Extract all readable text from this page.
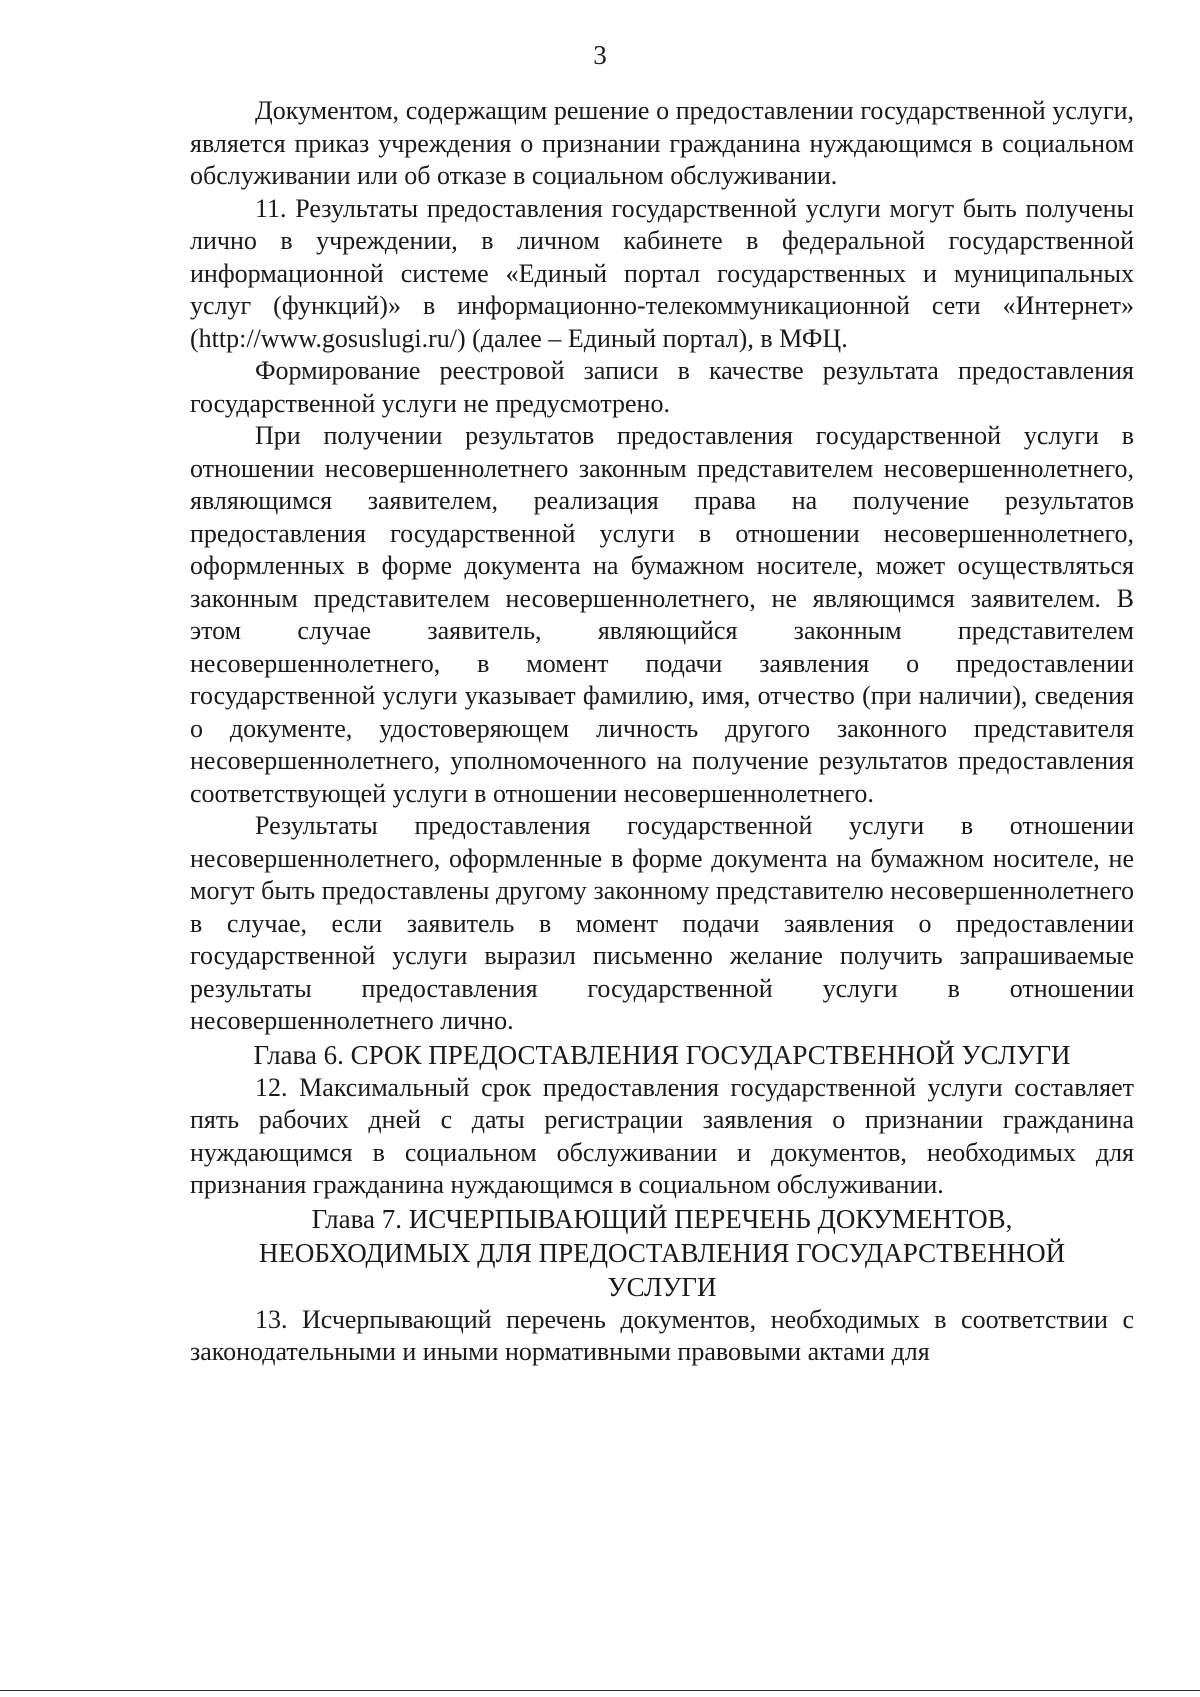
3

Документом, содержащим решение о предоставлении государственной услуги, является приказ учреждения о признании гражданина нуждающимся в социальном обслуживании или об отказе в социальном обслуживании.

11. Результаты предоставления государственной услуги могут быть получены лично в учреждении, в личном кабинете в федеральной государственной информационной системе «Единый портал государственных и муниципальных услуг (функций)» в информационно-телекоммуникационной сети «Интернет» (http://www.gosuslugi.ru/) (далее – Единый портал), в МФЦ.

Формирование реестровой записи в качестве результата предоставления государственной услуги не предусмотрено.

При получении результатов предоставления государственной услуги в отношении несовершеннолетнего законным представителем несовершеннолетнего, являющимся заявителем, реализация права на получение результатов предоставления государственной услуги в отношении несовершеннолетнего, оформленных в форме документа на бумажном носителе, может осуществляться законным представителем несовершеннолетнего, не являющимся заявителем. В этом случае заявитель, являющийся законным представителем несовершеннолетнего, в момент подачи заявления о предоставлении государственной услуги указывает фамилию, имя, отчество (при наличии), сведения о документе, удостоверяющем личность другого законного представителя несовершеннолетнего, уполномоченного на получение результатов предоставления соответствующей услуги в отношении несовершеннолетнего.

Результаты предоставления государственной услуги в отношении несовершеннолетнего, оформленные в форме документа на бумажном носителе, не могут быть предоставлены другому законному представителю несовершеннолетнего в случае, если заявитель в момент подачи заявления о предоставлении государственной услуги выразил письменно желание получить запрашиваемые результаты предоставления государственной услуги в отношении несовершеннолетнего лично.

Глава 6. СРОК ПРЕДОСТАВЛЕНИЯ ГОСУДАРСТВЕННОЙ УСЛУГИ

12. Максимальный срок предоставления государственной услуги составляет пять рабочих дней с даты регистрации заявления о признании гражданина нуждающимся в социальном обслуживании и документов, необходимых для признания гражданина нуждающимся в социальном обслуживании.

Глава 7. ИСЧЕРПЫВАЮЩИЙ ПЕРЕЧЕНЬ ДОКУМЕНТОВ,
НЕОБХОДИМЫХ ДЛЯ ПРЕДОСТАВЛЕНИЯ ГОСУДАРСТВЕННОЙ
УСЛУГИ

13. Исчерпывающий перечень документов, необходимых в соответствии с законодательными и иными нормативными правовыми актами для
